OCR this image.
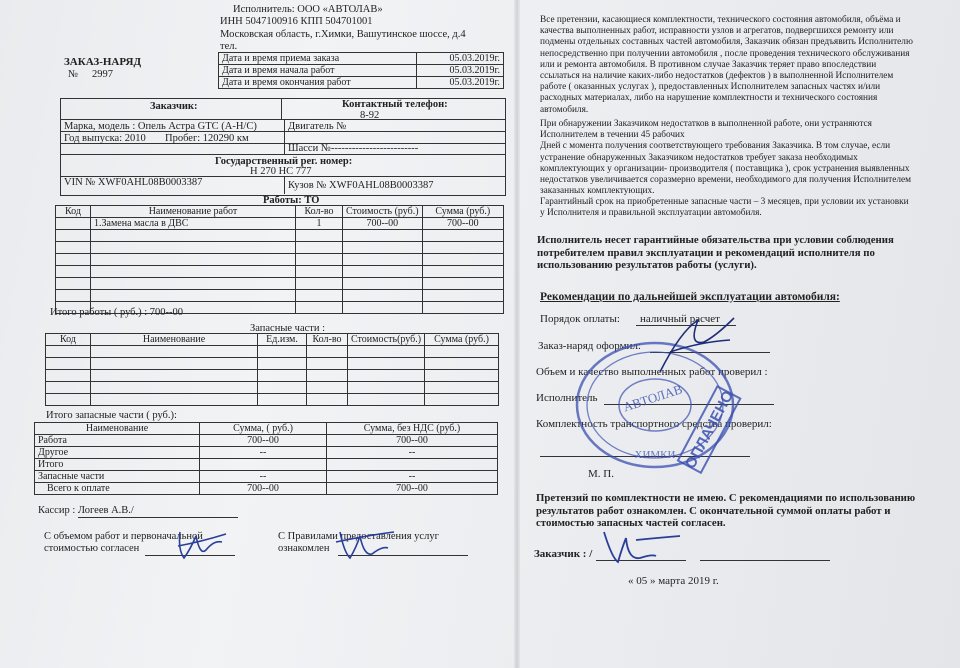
Исполнитель: ООО «АВТОЛАВ»
ИНН 5047100916 КПП 504701001
Московская область, г.Химки, Вашутинское шоссе, д.4
тел.
ЗАКАЗ-НАРЯД
№ 2997
Дата и время приема заказа	05.03.2019г.
Дата и время начала работ	05.03.2019г.
Дата и время окончания работ	05.03.2019г.
Заказчик:	Контактный телефон:
8-92
Марка, модель : Опель Астра GTC (A-H/C)	Двигатель №
Год выпуска: 2010 Пробег: 120290 км
Шасси №-------------------------
Государственный рег. номер:
Н 270 НС 777
VIN № XWF0AHL08B0003387	Кузов № XWF0AHL08B0003387
Работы: ТО
Код	Наименование работ	Кол-во	Стоимость (руб.)	Сумма (руб.)
	1.Замена масла в ДВС	1	700--00	700--00

Итого работы ( руб.) : 700--00
Запасные части :
Код	Наименование	Ед.изм.	Кол-во	Стоимость(руб.)	Сумма (руб.)

Итого запасные части ( руб.):
Наименование	Сумма, ( руб.)	Сумма, без НДС (руб.)
Работа	700--00	700--00
Другое	--	--
Итого		
Запасные части	--	--
Всего к оплате	700--00	700--00
Кассир : Логеев А.В./
С объемом работ и первоначальной
стоимостью согласен
С Правилами предоставления услуг
ознакомлен
Все претензии, касающиеся комплектности, технического состояния автомобиля, объёма и
качества выполненных работ, исправности узлов и агрегатов, подвергшихся ремонту или
подмены отдельных составных частей автомобиля, Заказчик обязан предъявить Исполнителю
непосредственно при получении автомобиля , после проведения технического обслуживания
или и ремонта автомобиля. В противном случае Заказчик теряет право впоследствии
ссылаться на наличие каких-либо недостатков (дефектов ) в выполненной Исполнителем
работе ( оказанных услугах ), предоставленных Исполнителем запасных частях и/или
расходных материалах, либо на нарушение комплектности и технического состояния
автомобиля.
При обнаружении Заказчиком недостатков в выполненной работе, они устраняются
Исполнителем в течении 45 рабочих
Дней с момента получения соответствующего требования Заказчика. В том случае, если
устранение обнаруженных Заказчиком недостатков требует заказа необходимых
комплектующих у организации- производителя ( поставщика ), срок устранения выявленных
недостатков увеличивается соразмерно времени, необходимого для получения Исполнителем
заказанных комплектующих.
Гарантийный срок на приобретенные запасные части – 3 месяцев, при условии их установки
у Исполнителя и правильной эксплуатации автомобиля.
Исполнитель несет гарантийные обязательства при условии соблюдения
потребителем правил эксплуатации и рекомендаций исполнителя по
использованию результатов работы (услуги).
Рекомендации по дальнейшей эксплуатации автомобиля:
Порядок оплаты: наличный расчет
Заказ-наряд оформил:
Объем и качество выполненных работ проверил :
Исполнитель
Комплектность транспортного средства проверил:
М. П.
Претензий по комплектности не имею. С рекомендациями по использованию
результатов работ ознакомлен. С окончательной суммой оплаты работ и
стоимостью запасных частей согласен.
Заказчик : /
« 05 » марта 2019 г.
АВТОЛАВ
ХИМКИ ОПЛАЧЕНО
